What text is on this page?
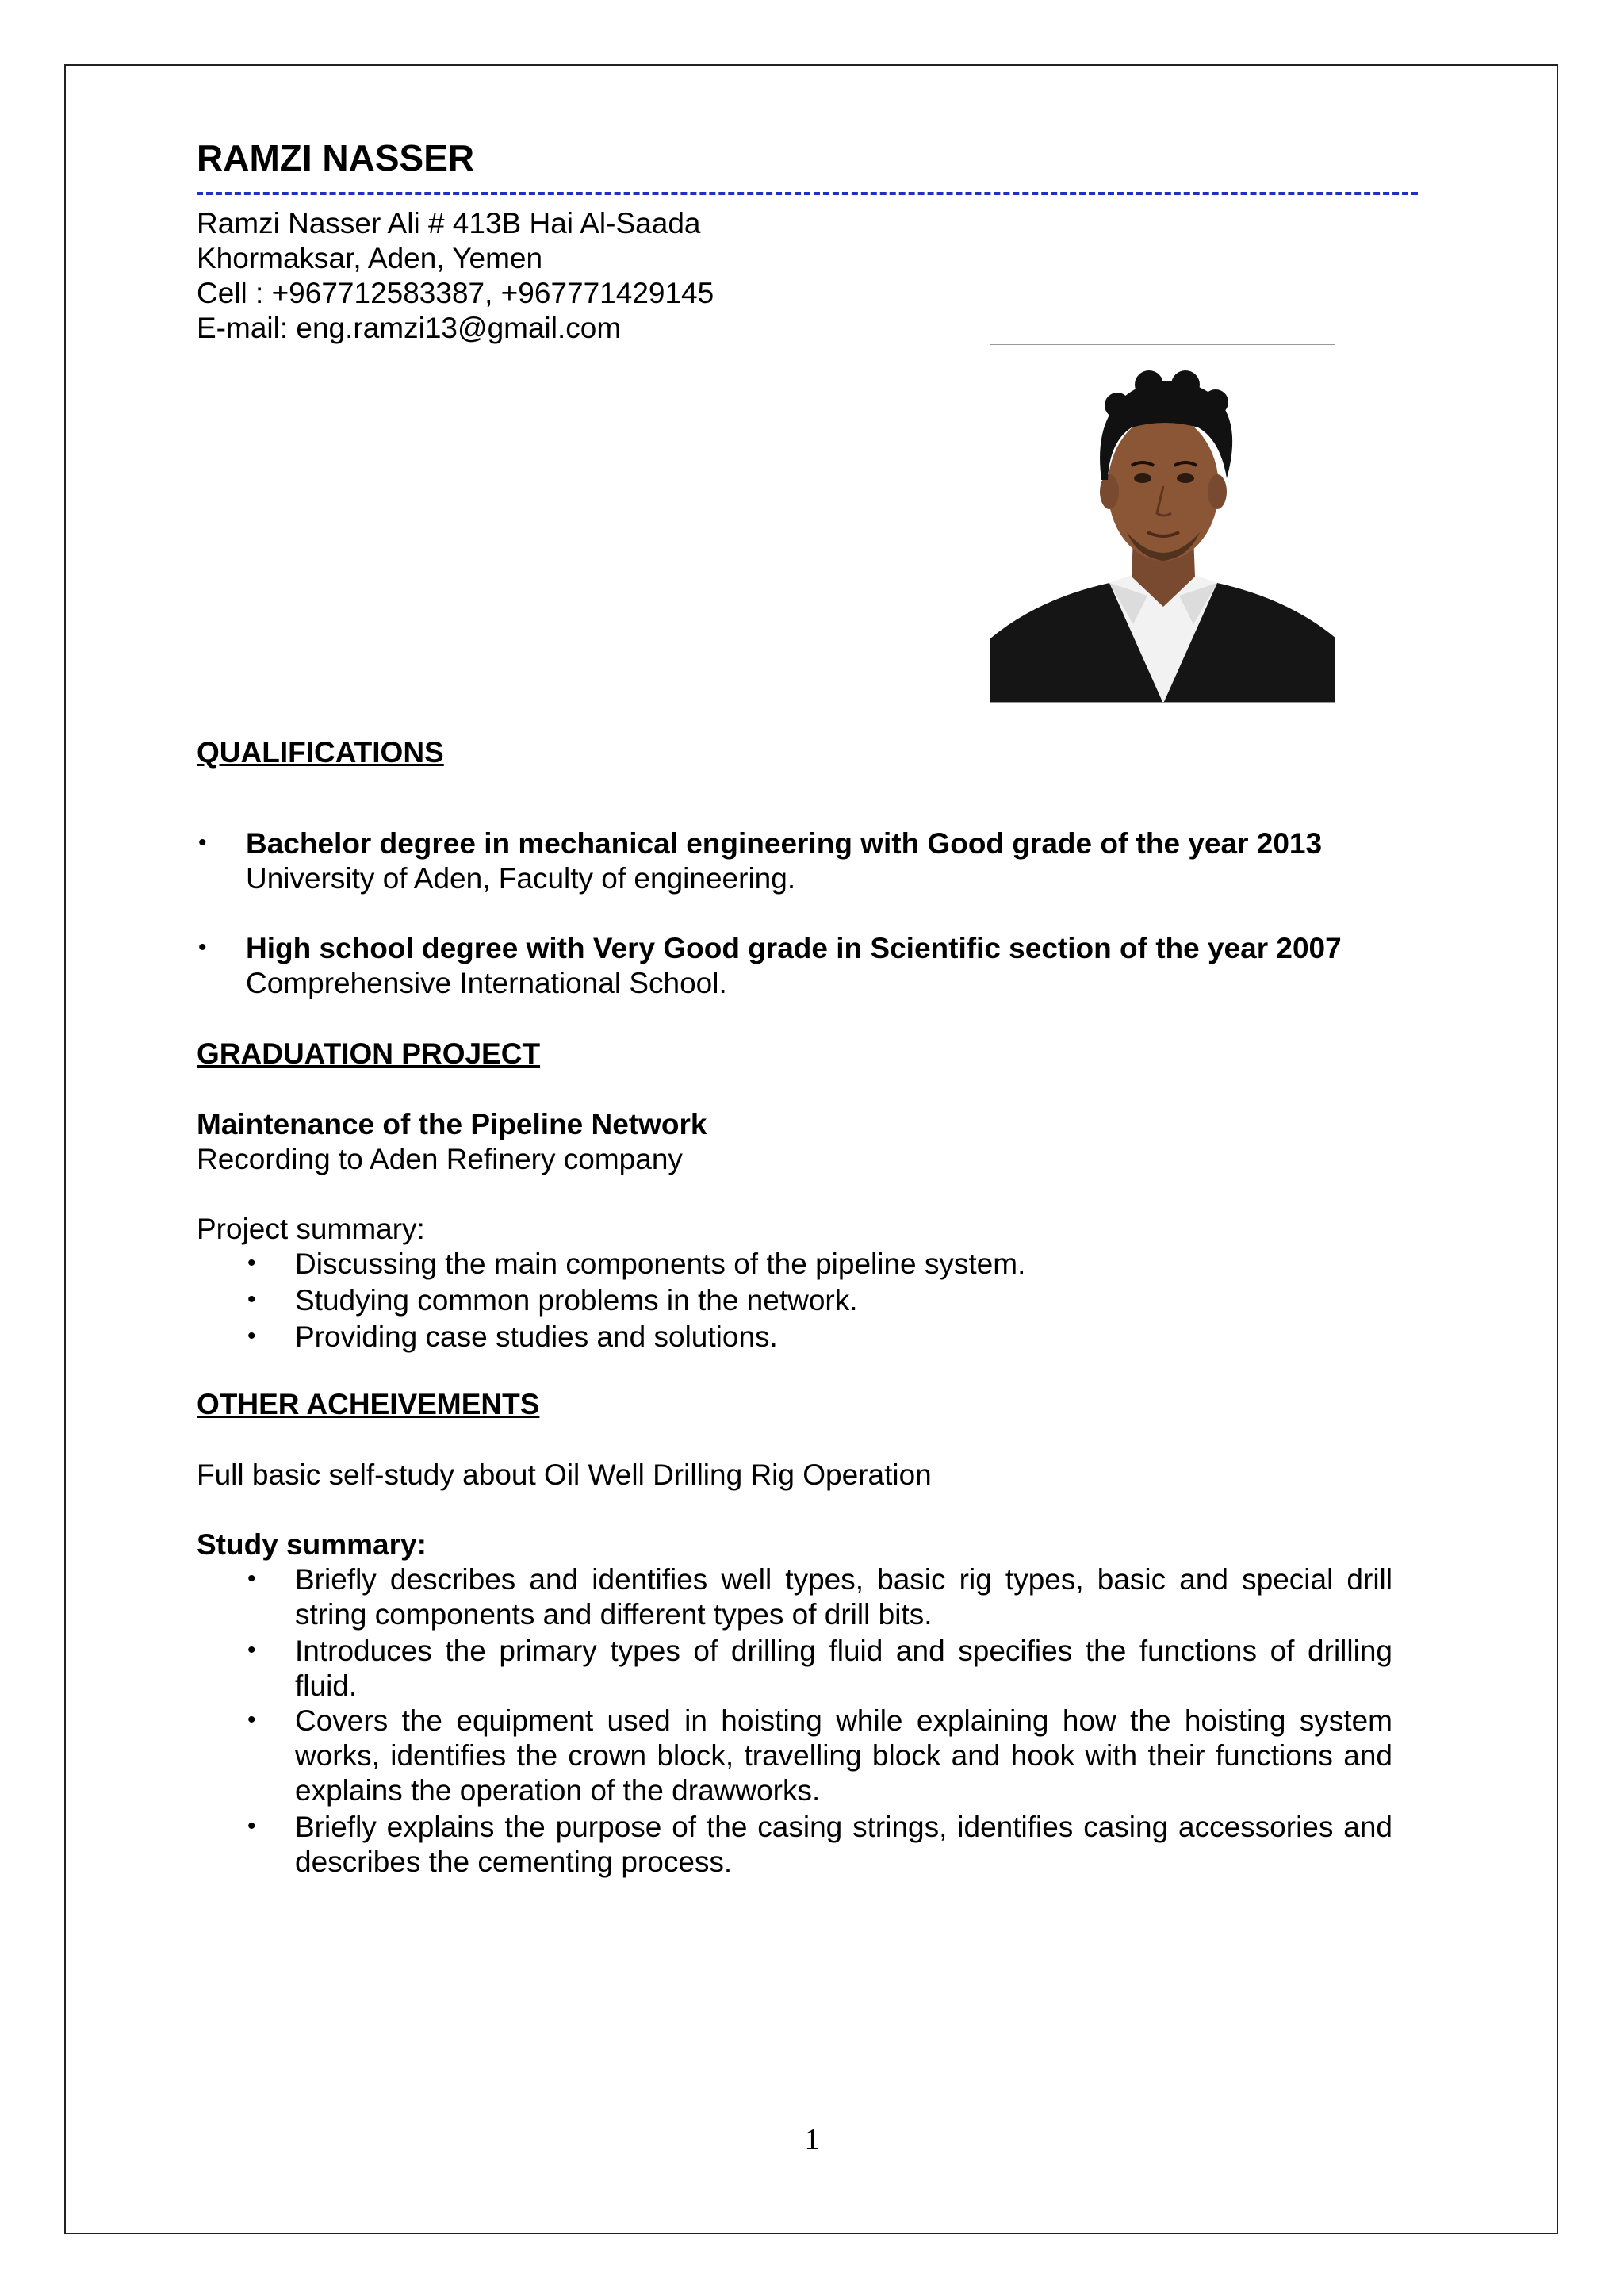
RAMZI NASSER
Ramzi Nasser Ali # 413B Hai Al-Saada
Khormaksar, Aden, Yemen
Cell : +967712583387, +967771429145
E-mail: eng.ramzi13@gmail.com
QUALIFICATIONS
• Bachelor degree in mechanical engineering with Good grade of the year 2013
University of Aden, Faculty of engineering.
• High school degree with Very Good grade in Scientific section of the year 2007
Comprehensive International School.
GRADUATION PROJECT
Maintenance of the Pipeline Network
Recording to Aden Refinery company
Project summary:
• Discussing the main components of the pipeline system.
• Studying common problems in the network.
• Providing case studies and solutions.
OTHER ACHEIVEMENTS
Full basic self-study about Oil Well Drilling Rig Operation
Study summary:
• Briefly describes and identifies well types, basic rig types, basic and special drill string components and different types of drill bits.
• Introduces the primary types of drilling fluid and specifies the functions of drilling fluid.
• Covers the equipment used in hoisting while explaining how the hoisting system works, identifies the crown block, travelling block and hook with their functions and explains the operation of the drawworks.
• Briefly explains the purpose of the casing strings, identifies casing accessories and describes the cementing process.
1
